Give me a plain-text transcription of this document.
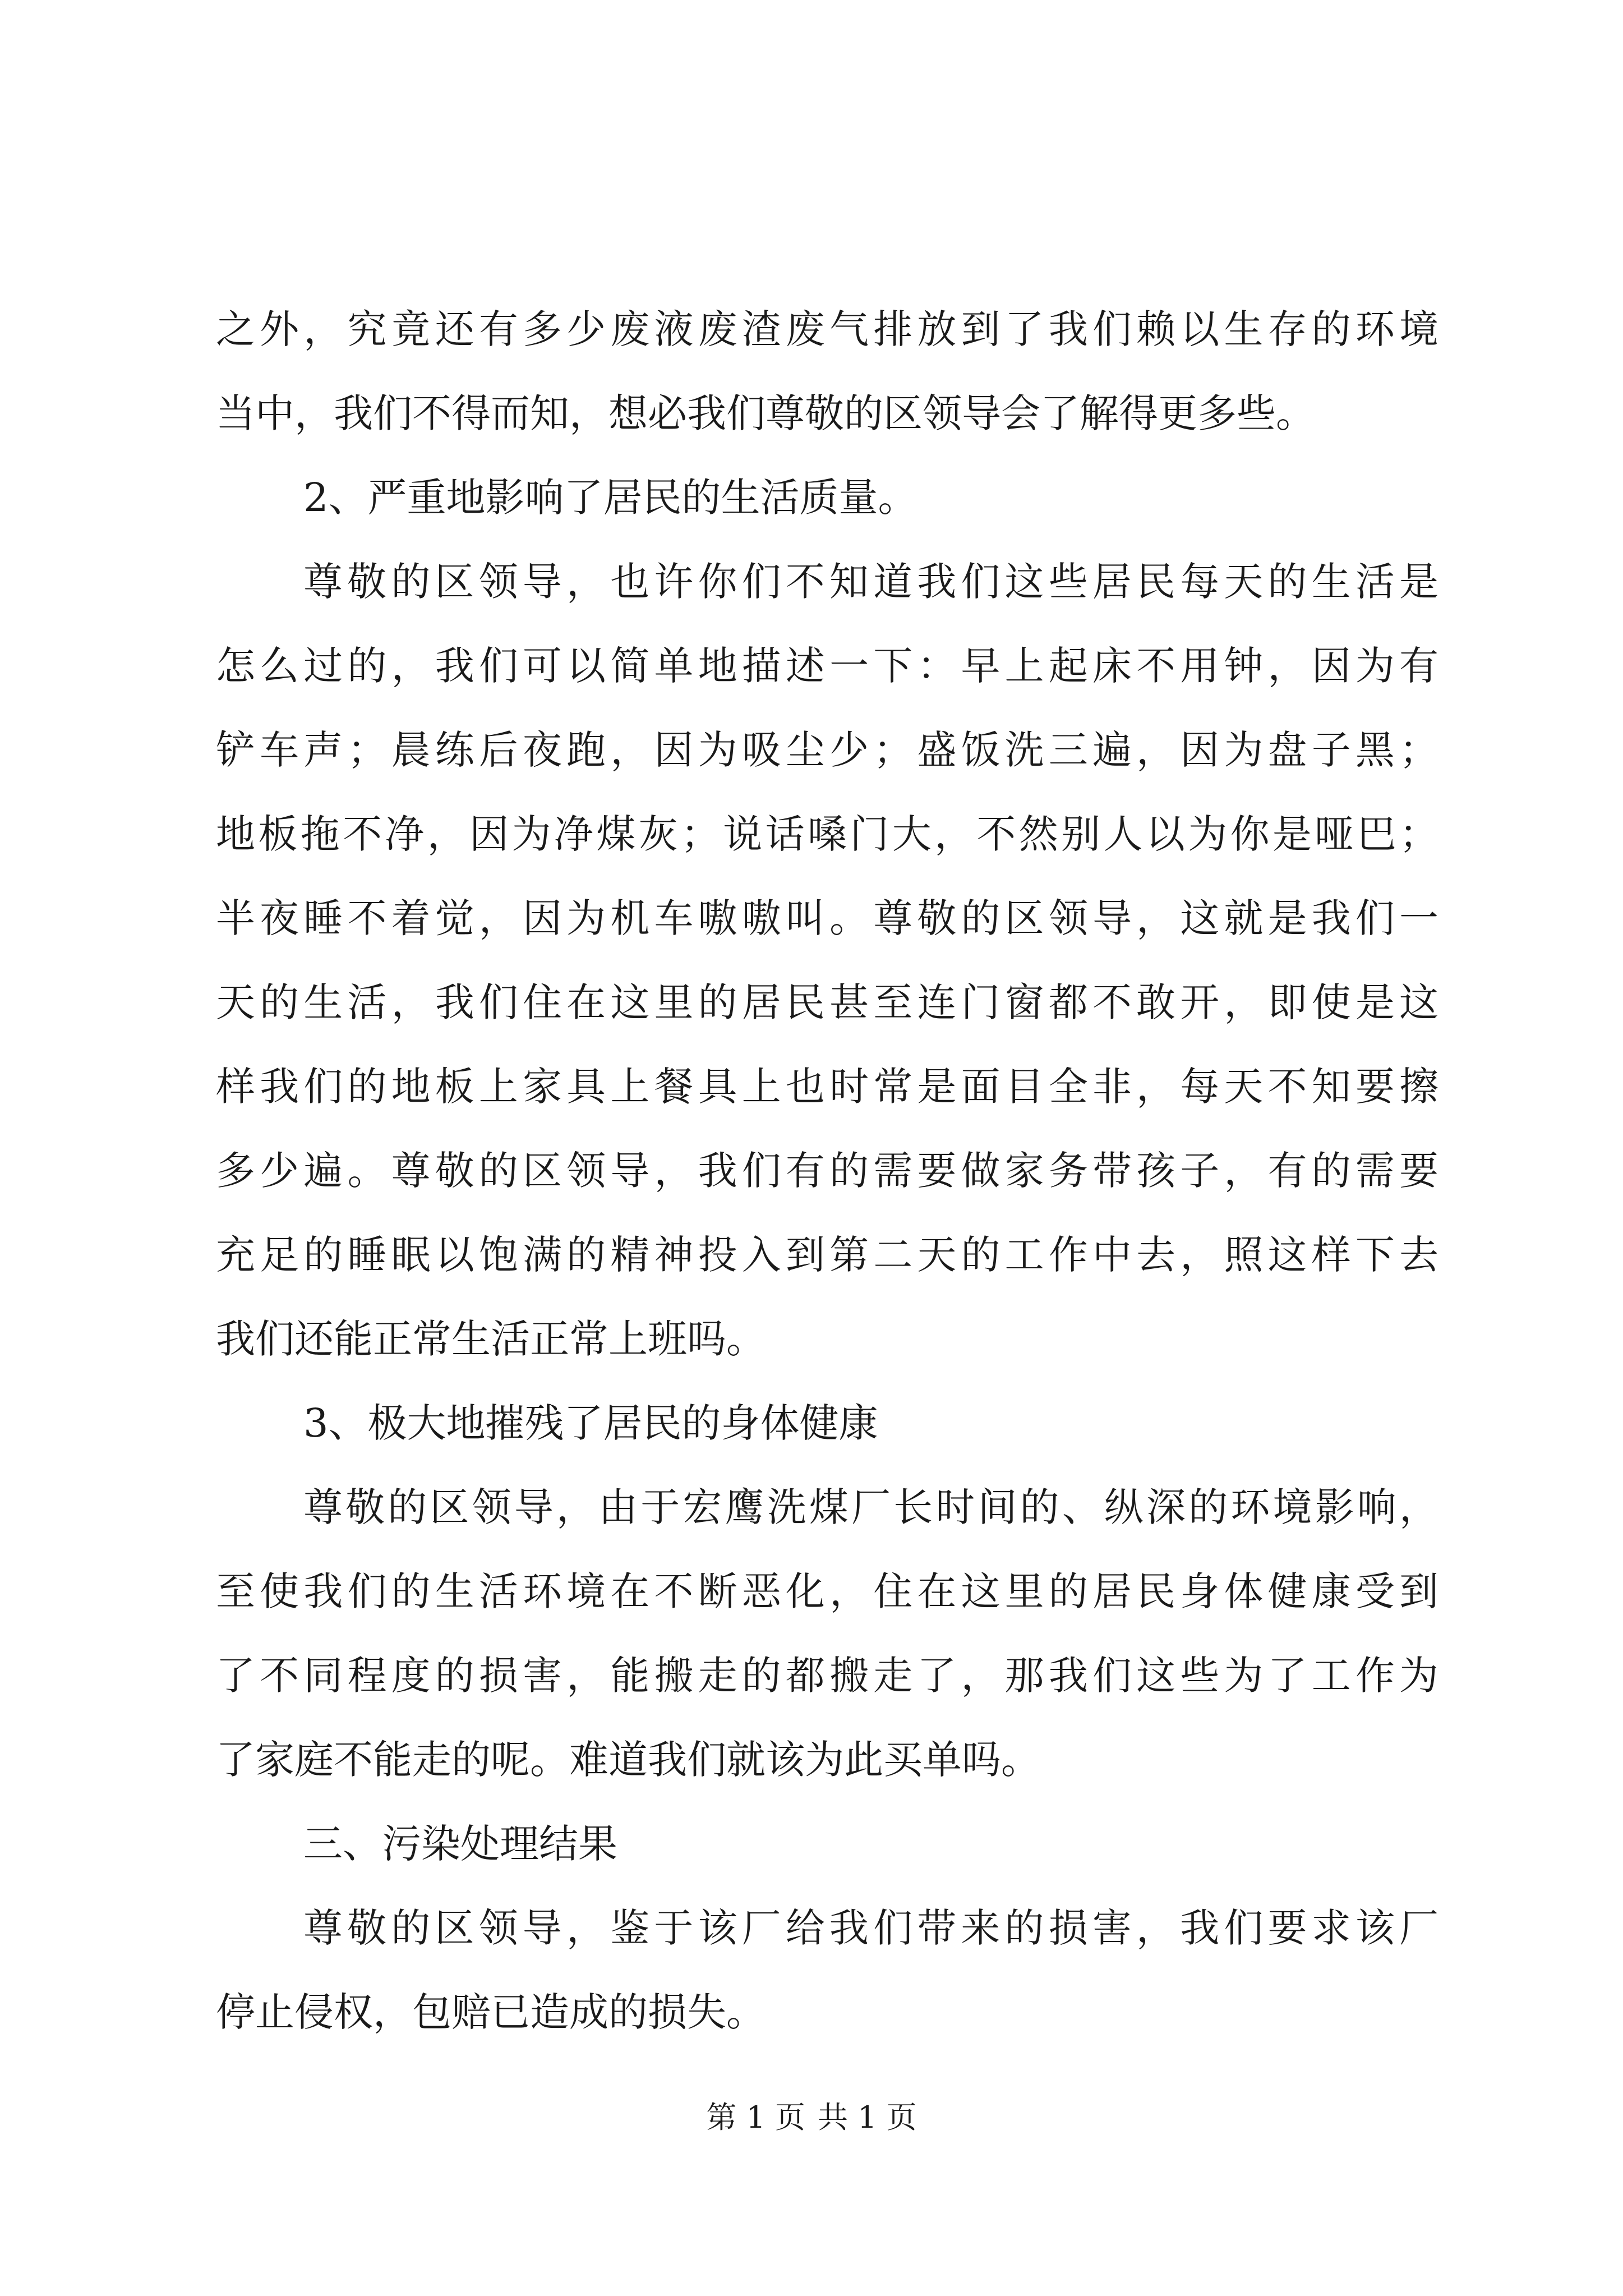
之外，究竟还有多少废液废渣废气排放到了我们赖以生存的环境
当中，我们不得而知，想必我们尊敬的区领导会了解得更多些。
2、严重地影响了居民的生活质量。
尊敬的区领导，也许你们不知道我们这些居民每天的生活是
怎么过的，我们可以简单地描述一下：早上起床不用钟，因为有
铲车声；晨练后夜跑，因为吸尘少；盛饭洗三遍，因为盘子黑；
地板拖不净，因为净煤灰；说话嗓门大，不然别人以为你是哑巴；
半夜睡不着觉，因为机车嗷嗷叫。尊敬的区领导，这就是我们一
天的生活，我们住在这里的居民甚至连门窗都不敢开，即使是这
样我们的地板上家具上餐具上也时常是面目全非，每天不知要擦
多少遍。尊敬的区领导，我们有的需要做家务带孩子，有的需要
充足的睡眠以饱满的精神投入到第二天的工作中去，照这样下去
我们还能正常生活正常上班吗。
3、极大地摧残了居民的身体健康
尊敬的区领导，由于宏鹰洗煤厂长时间的、纵深的环境影响，
至使我们的生活环境在不断恶化，住在这里的居民身体健康受到
了不同程度的损害，能搬走的都搬走了，那我们这些为了工作为
了家庭不能走的呢。难道我们就该为此买单吗。
三、污染处理结果
尊敬的区领导，鉴于该厂给我们带来的损害，我们要求该厂
停止侵权，包赔已造成的损失。
第 1 页 共 1 页
